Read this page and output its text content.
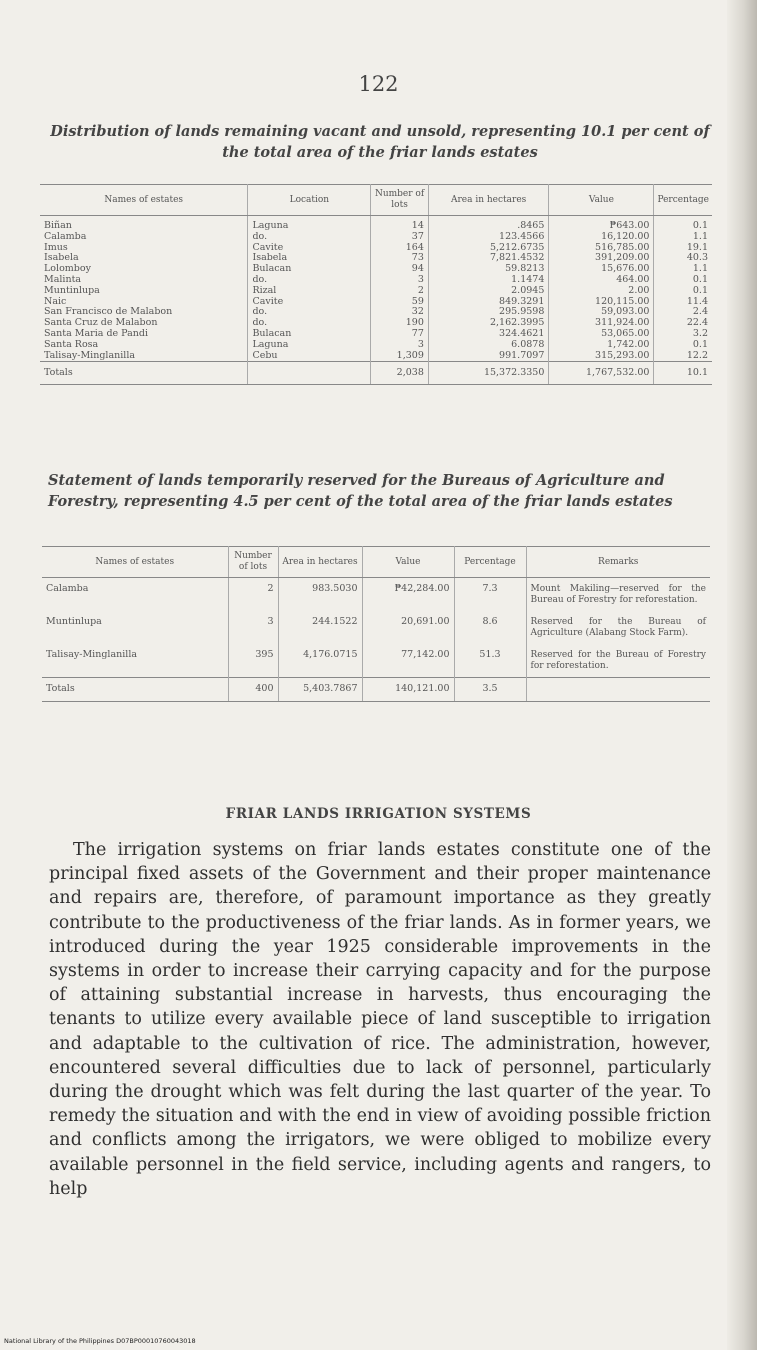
122
Distribution of lands remaining vacant and unsold, representing 10.1 per cent of the total area of the friar lands estates
Names of estates	Location	Number of lots	Area in hectares	Value	Percentage
Biñan	Laguna	14	.8465	₱643.00	0.1
Calamba	do.	37	123.4566	16,120.00	1.1
Imus	Cavite	164	5,212.6735	516,785.00	19.1
Isabela	Isabela	73	7,821.4532	391,209.00	40.3
Lolomboy	Bulacan	94	59.8213	15,676.00	1.1
Malinta	do.	3	1.1474	464.00	0.1
Muntinlupa	Rizal	2	2.0945	2.00	0.1
Naic	Cavite	59	849.3291	120,115.00	11.4
San Francisco de Malabon	do.	32	295.9598	59,093.00	2.4
Santa Cruz de Malabon	do.	190	2,162.3995	311,924.00	22.4
Santa Maria de Pandi	Bulacan	77	324.4621	53,065.00	3.2
Santa Rosa	Laguna	3	6.0878	1,742.00	0.1
Talisay-Minglanilla	Cebu	1,309	991.7097	315,293.00	12.2
Totals		2,038	15,372.3350	1,767,532.00	10.1
Statement of lands temporarily reserved for the Bureaus of Agriculture and Forestry, representing 4.5 per cent of the total area of the friar lands estates
Names of estates	Number of lots	Area in hectares	Value	Percentage	Remarks
Calamba	2	983.5030	₱42,284.00	7.3	Mount Makiling—reserved for the Bureau of Forestry for reforestation.
Muntinlupa	3	244.1522	20,691.00	8.6	Reserved for the Bureau of Agriculture (Alabang Stock Farm).
Talisay-Minglanilla	395	4,176.0715	77,142.00	51.3	Reserved for the Bureau of Forestry for reforestation.
Totals	400	5,403.7867	140,121.00	3.5	
FRIAR LANDS IRRIGATION SYSTEMS
The irrigation systems on friar lands estates constitute one of the principal fixed assets of the Government and their proper maintenance and repairs are, therefore, of paramount importance as they greatly contribute to the productiveness of the friar lands. As in former years, we introduced during the year 1925 considerable improvements in the systems in order to increase their carrying capacity and for the purpose of attaining substantial increase in harvests, thus encouraging the tenants to utilize every available piece of land susceptible to irrigation and adaptable to the cultivation of rice. The administration, however, encountered several difficulties due to lack of personnel, particularly during the drought which was felt during the last quarter of the year. To remedy the situation and with the end in view of avoiding possible friction and conflicts among the irrigators, we were obliged to mobilize every available personnel in the field service, including agents and rangers, to help
National Library of the Philippines D07BP00010760043018
